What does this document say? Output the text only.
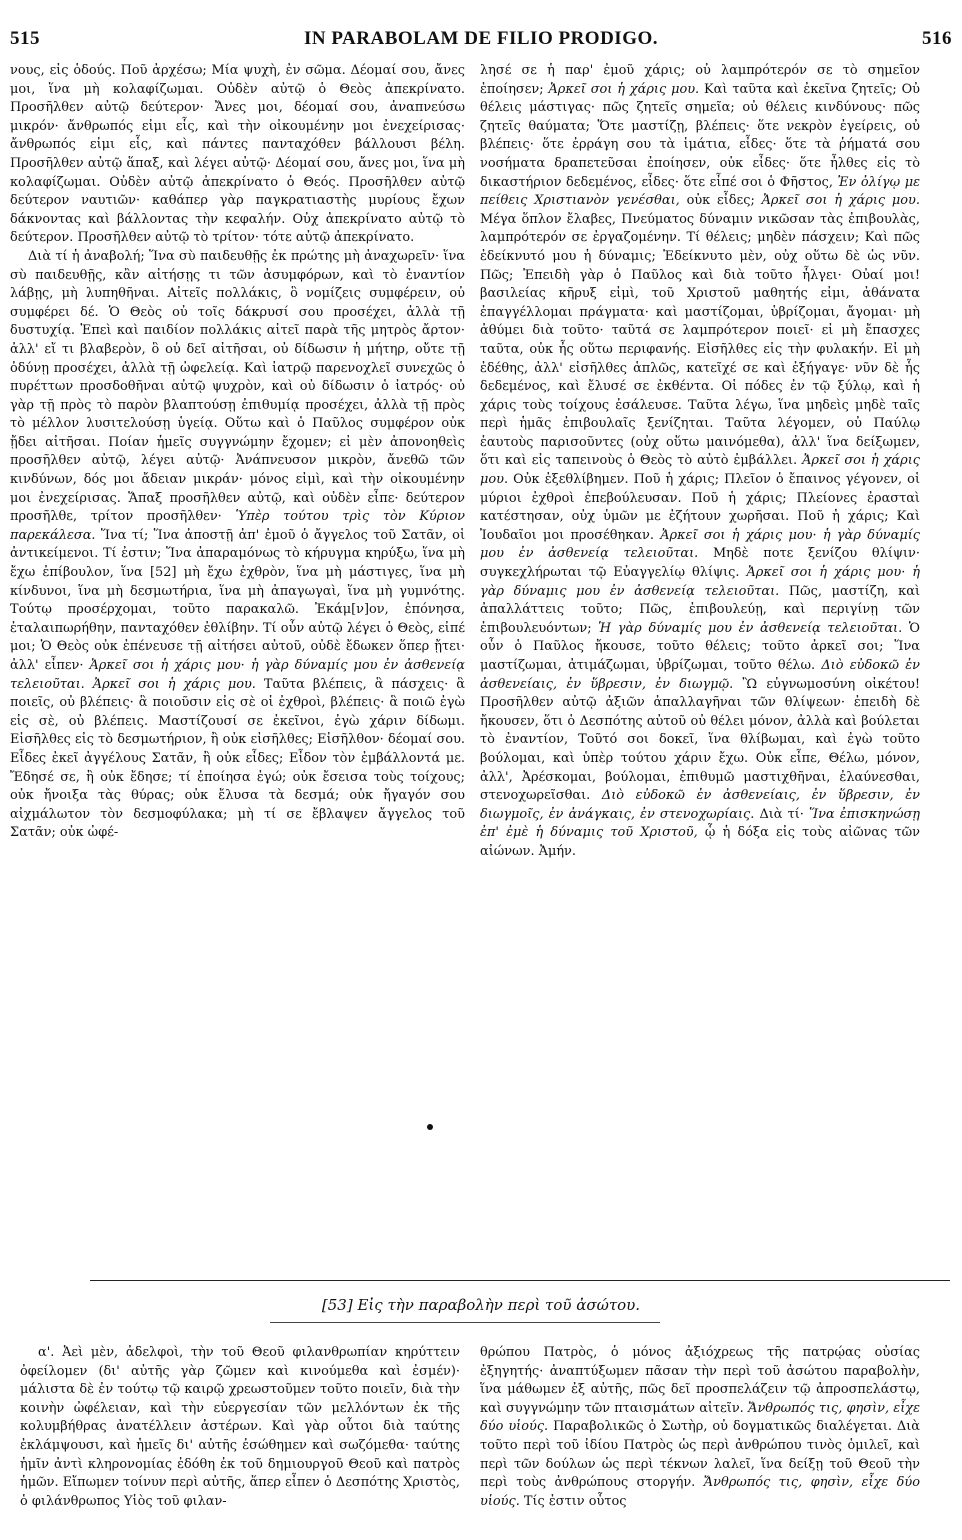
515	IN PARABOLAM DE FILIO PRODIGO.	516

νους, εἰς ὁδούς. Ποῦ ἀρχέσω; Μία ψυχὴ, ἐν σῶμα. Δέομαί σου, ἄνες μοι, ἵνα μὴ κολαφίζωμαι. Οὐδὲν αὐτῷ ὁ Θεὸς ἀπεκρίνατο. Προσῆλθεν αὐτῷ δεύτερον· Ἄνες μοι, δέομαί σου, ἀναπνεύσω μικρόν· ἄνθρωπός εἰμι εἷς, καὶ τὴν οἰκουμένην μοι ἐνεχείρισας· ἄνθρωπός εἰμι εἷς, καὶ πάντες πανταχόθεν βάλλουσι βέλη. Προσῆλθεν αὐτῷ ἅπαξ, καὶ λέγει αὐτῷ· Δέομαί σου, ἄνες μοι, ἵνα μὴ κολαφίζωμαι. Οὐδὲν αὐτῷ ἀπεκρίνατο ὁ Θεός. Προσῆλθεν αὐτῷ δεύτερον ναυτιῶν· καθάπερ γὰρ παγκρατιαστὴς μυρίους ἔχων δάκνοντας καὶ βάλλοντας τὴν κεφαλήν. Οὐχ ἀπεκρίνατο αὐτῷ τὸ δεύτερον. Προσῆλθεν αὐτῷ τὸ τρίτον· τότε αὐτῷ ἀπεκρίνατο.

Διὰ τί ἡ ἀναβολή; Ἵνα σὺ παιδευθῇς ἐκ πρώτης μὴ ἀναχωρεῖν· ἵνα σὺ παιδευθῇς, κἂν αἰτήσῃς τι τῶν ἀσυμφόρων, καὶ τὸ ἐναντίον λάβῃς, μὴ λυπηθῆναι. Αἰτεῖς πολλάκις, ὃ νομίζεις συμφέρειν, οὐ συμφέρει δέ. Ὁ Θεὸς οὐ τοῖς δάκρυσί σου προσέχει, ἀλλὰ τῇ δυστυχίᾳ. Ἐπεὶ καὶ παιδίον πολλάκις αἰτεῖ παρὰ τῆς μητρὸς ἄρτον· ἀλλ' εἴ τι βλαβερὸν, ὃ οὐ δεῖ αἰτῆσαι, οὐ δίδωσιν ἡ μήτηρ, οὔτε τῇ ὀδύνῃ προσέχει, ἀλλὰ τῇ ὠφελείᾳ. Καὶ ἰατρῷ παρενοχλεῖ συνεχῶς ὁ πυρέττων προσδοθῆναι αὐτῷ ψυχρὸν, καὶ οὐ δίδωσιν ὁ ἰατρός· οὐ γὰρ τῇ πρὸς τὸ παρὸν βλαπτούσῃ ἐπιθυμίᾳ προσέχει, ἀλλὰ τῇ πρὸς τὸ μέλλον λυσιτελούσῃ ὑγείᾳ. Οὕτω καὶ ὁ Παῦλος συμφέρον οὐκ ᾔδει αἰτῆσαι. Ποίαν ἡμεῖς συγγνώμην ἔχομεν; εἰ μὲν ἀπονοηθεὶς προσῆλθεν αὐτῷ, λέγει αὐτῷ· Ἀνάπνευσον μικρὸν, ἄνεθῶ τῶν κινδύνων, δός μοι ἄδειαν μικράν· μόνος εἰμὶ, καὶ τὴν οἰκουμένην μοι ἐνεχείρισας. Ἅπαξ προσῆλθεν αὐτῷ, καὶ οὐδὲν εἶπε· δεύτερον προσῆλθε, τρίτον προσῆλθεν· Ὑπὲρ τούτου τρὶς τὸν Κύριον παρεκάλεσα. Ἵνα τί; Ἵνα ἀποστῇ ἀπ' ἐμοῦ ὁ ἄγγελος τοῦ Σατᾶν, οἱ ἀντικείμενοι. Τί ἐστιν; Ἵνα ἀπαραμόνως τὸ κήρυγμα κηρύξω, ἵνα μὴ ἔχω ἐπίβουλον, ἵνα [52] μὴ ἔχω ἐχθρὸν, ἵνα μὴ μάστιγες, ἵνα μὴ κίνδυνοι, ἵνα μὴ δεσμωτήρια, ἵνα μὴ ἀπαγωγαὶ, ἵνα μὴ γυμνότης. Τούτῳ προσέρχομαι, τοῦτο παρακαλῶ. Ἐκάμ[ν]ον, ἐπόνησα, ἐταλαιπωρήθην, πανταχόθεν ἐθλίβην. Τί οὖν αὐτῷ λέγει ὁ Θεὸς, εἰπέ μοι; Ὁ Θεὸς οὐκ ἐπένευσε τῇ αἰτήσει αὐτοῦ, οὐδὲ ἔδωκεν ὅπερ ᾔτει· ἀλλ' εἶπεν· Ἀρκεῖ σοι ἡ χάρις μου· ἡ γὰρ δύναμίς μου ἐν ἀσθενείᾳ τελειοῦται. Ἀρκεῖ σοι ἡ χάρις μου. Ταῦτα βλέπεις, ἃ πάσχεις· ἃ ποιεῖς, οὐ βλέπεις· ἃ ποιοῦσιν εἰς σὲ οἱ ἐχθροὶ, βλέπεις· ἃ ποιῶ ἐγὼ εἰς σὲ, οὐ βλέπεις. Μαστίζουσί σε ἐκεῖνοι, ἐγὼ χάριν δίδωμι. Εἰσῆλθες εἰς τὸ δεσμωτήριον, ἢ οὐκ εἰσῆλθες; Εἰσῆλθον· δέομαί σου. Εἶδες ἐκεῖ ἀγγέλους Σατᾶν, ἢ οὐκ εἶδες; Εἶδον τὸν ἐμβάλλοντά με. Ἔδησέ σε, ἢ οὐκ ἔδησε; τί ἐποίησα ἐγώ; οὐκ ἔσεισα τοὺς τοίχους; οὐκ ἤνοιξα τὰς θύρας; οὐκ ἔλυσα τὰ δεσμά; οὐκ ἤγαγόν σου αἰχμάλωτον τὸν δεσμοφύλακα; μὴ τί σε ἔβλαψεν ἄγγελος τοῦ Σατᾶν; οὐκ ὠφέ-

λησέ σε ἡ παρ' ἐμοῦ χάρις; οὐ λαμπρότερόν σε τὸ σημεῖον ἐποίησεν; Ἀρκεῖ σοι ἡ χάρις μου. Καὶ ταῦτα καὶ ἐκεῖνα ζητεῖς; Οὐ θέλεις μάστιγας· πῶς ζητεῖς σημεῖα; οὐ θέλεις κινδύνους· πῶς ζητεῖς θαύματα; Ὅτε μαστίζῃ, βλέπεις· ὅτε νεκρὸν ἐγείρεις, οὐ βλέπεις· ὅτε ἐρράγη σου τὰ ἱμάτια, εἶδες· ὅτε τὰ ῥήματά σου νοσήματα δραπετεῦσαι ἐποίησεν, οὐκ εἶδες· ὅτε ἦλθες εἰς τὸ δικαστήριον δεδεμένος, εἶδες· ὅτε εἶπέ σοι ὁ Φῆστος, Ἐν ὀλίγῳ με πείθεις Χριστιανὸν γενέσθαι, οὐκ εἶδες; Ἀρκεῖ σοι ἡ χάρις μου. Μέγα ὅπλον ἔλαβες, Πνεύματος δύναμιν νικῶσαν τὰς ἐπιβουλὰς, λαμπρότερόν σε ἐργαζομένην. Τί θέλεις; μηδὲν πάσχειν; Καὶ πῶς ἐδείκνυτό μου ἡ δύναμις; Ἐδείκνυτο μὲν, οὐχ οὕτω δὲ ὡς νῦν. Πῶς; Ἐπειδὴ γὰρ ὁ Παῦλος καὶ διὰ τοῦτο ἧλγει· Οὐαί μοι! βασιλείας κῆρυξ εἰμὶ, τοῦ Χριστοῦ μαθητής εἰμι, ἀθάνατα ἐπαγγέλλομαι πράγματα· καὶ μαστίζομαι, ὑβρίζομαι, ἄγομαι· μὴ ἀθύμει διὰ τοῦτο· ταῦτά σε λαμπρότερον ποιεῖ· εἰ μὴ ἔπασχες ταῦτα, οὐκ ἦς οὕτω περιφανής. Εἰσῆλθες εἰς τὴν φυλακήν. Εἰ μὴ ἐδέθης, ἀλλ' εἰσῆλθες ἁπλῶς, κατεῖχέ σε καὶ ἐξήγαγε· νῦν δὲ ἧς δεδεμένος, καὶ ἔλυσέ σε ἐκθέντα. Οἱ πόδες ἐν τῷ ξύλῳ, καὶ ἡ χάρις τοὺς τοίχους ἐσάλευσε. Ταῦτα λέγω, ἵνα μηδεὶς μηδὲ ταῖς περὶ ἡμᾶς ἐπιβουλαῖς ξενίζηται. Ταῦτα λέγομεν, οὐ Παύλῳ ἑαυτοὺς παρισοῦντες (οὐχ οὕτω μαινόμεθα), ἀλλ' ἵνα δείξωμεν, ὅτι καὶ εἰς ταπεινοὺς ὁ Θεὸς τὸ αὐτὸ ἐμβάλλει. Ἀρκεῖ σοι ἡ χάρις μου. Οὐκ ἐξεθλίβημεν. Ποῦ ἡ χάρις; Πλεῖον ὁ ἔπαινος γέγονεν, οἱ μύριοι ἐχθροὶ ἐπεβούλευσαν. Ποῦ ἡ χάρις; Πλείονες ἐρασταὶ κατέστησαν, οὐχ ὑμῶν με ἐζήτουν χωρῆσαι. Ποῦ ἡ χάρις; Καὶ Ἰουδαῖοι μοι προσέθηκαν. Ἀρκεῖ σοι ἡ χάρις μου· ἡ γὰρ δύναμίς μου ἐν ἀσθενείᾳ τελειοῦται. Μηδὲ ποτε ξενίζου θλίψιν· συγκεχλήρωται τῷ Εὐαγγελίῳ θλίψις. Ἀρκεῖ σοι ἡ χάρις μου· ἡ γὰρ δύναμις μου ἐν ἀσθενείᾳ τελειοῦται. Πῶς, μαστίζη, καὶ ἀπαλλάττεις τοῦτο; Πῶς, ἐπιβουλεύῃ, καὶ περιγίνῃ τῶν ἐπιβουλευόντων; Ἡ γὰρ δύναμίς μου ἐν ἀσθενείᾳ τελειοῦται. Ὁ οὖν ὁ Παῦλος ἤκουσε, τοῦτο θέλεις; τοῦτο ἀρκεῖ σοι; Ἵνα μαστίζωμαι, ἀτιμάζωμαι, ὑβρίζωμαι, τοῦτο θέλω. Διὸ εὐδοκῶ ἐν ἀσθενείαις, ἐν ὕβρεσιν, ἐν διωγμῷ. Ὢ εὐγνωμοσύνη οἰκέτου! Προσῆλθεν αὐτῷ ἀξιῶν ἀπαλλαγῆναι τῶν θλίψεων· ἐπειδὴ δὲ ἤκουσεν, ὅτι ὁ Δεσπότης αὐτοῦ οὐ θέλει μόνον, ἀλλὰ καὶ βούλεται τὸ ἐναντίον, Τοῦτό σοι δοκεῖ, ἵνα θλίβωμαι, καὶ ἐγὼ τοῦτο βούλομαι, καὶ ὑπὲρ τούτου χάριν ἔχω. Οὐκ εἶπε, Θέλω, μόνον, ἀλλ', Ἀρέσκομαι, βούλομαι, ἐπιθυμῶ μαστιχθῆναι, ἐλαύνεσθαι, στενοχωρεῖσθαι. Διὸ εὐδοκῶ ἐν ἀσθενείαις, ἐν ὕβρεσιν, ἐν διωγμοῖς, ἐν ἀνάγκαις, ἐν στενοχωρίαις. Διὰ τί· Ἵνα ἐπισκηνώσῃ ἐπ' ἐμὲ ἡ δύναμις τοῦ Χριστοῦ, ᾧ ἡ δόξα εἰς τοὺς αἰῶνας τῶν αἰώνων. Ἀμήν.

[53] Εἰς τὴν παραβολὴν περὶ τοῦ ἀσώτου.

α'. Ἀεὶ μὲν, ἀδελφοὶ, τὴν τοῦ Θεοῦ φιλανθρωπίαν κηρύττειν ὀφείλομεν (δι' αὐτῆς γὰρ ζῶμεν καὶ κινούμεθα καὶ ἐσμέν)· μάλιστα δὲ ἐν τούτῳ τῷ καιρῷ χρεωστοῦμεν τοῦτο ποιεῖν, διὰ τὴν κοινὴν ὠφέλειαν, καὶ τὴν εὐεργεσίαν τῶν μελλόντων ἐκ τῆς κολυμβήθρας ἀνατέλλειν ἀστέρων. Καὶ γὰρ οὗτοι διὰ ταύτης ἐκλάμψουσι, καὶ ἡμεῖς δι' αὐτῆς ἐσώθημεν καὶ σωζόμεθα· ταύτης ἡμῖν ἀντὶ κληρονομίας ἐδόθη ἐκ τοῦ δημιουργοῦ Θεοῦ καὶ πατρὸς ἡμῶν. Εἴπωμεν τοίνυν περὶ αὐτῆς, ἅπερ εἶπεν ὁ Δεσπότης Χριστὸς, ὁ φιλάνθρωπος Υἱὸς τοῦ φιλαν-

θρώπου Πατρὸς, ὁ μόνος ἀξιόχρεως τῆς πατρῴας οὐσίας ἐξηγητής· ἀναπτύξωμεν πᾶσαν τὴν περὶ τοῦ ἀσώτου παραβολὴν, ἵνα μάθωμεν ἐξ αὐτῆς, πῶς δεῖ προσπελάζειν τῷ ἀπροσπελάστῳ, καὶ συγγνώμην τῶν πταισμάτων αἰτεῖν. Ἄνθρωπός τις, φησὶν, εἶχε δύο υἱούς. Παραβολικῶς ὁ Σωτὴρ, οὐ δογματικῶς διαλέγεται. Διὰ τοῦτο περὶ τοῦ ἰδίου Πατρὸς ὡς περὶ ἀνθρώπου τινὸς ὁμιλεῖ, καὶ περὶ τῶν δούλων ὡς περὶ τέκνων λαλεῖ, ἵνα δείξῃ τοῦ Θεοῦ τὴν περὶ τοὺς ἀνθρώπους στοργήν. Ἄνθρωπός τις, φησὶν, εἶχε δύο υἱούς. Τίς ἐστιν οὗτος
